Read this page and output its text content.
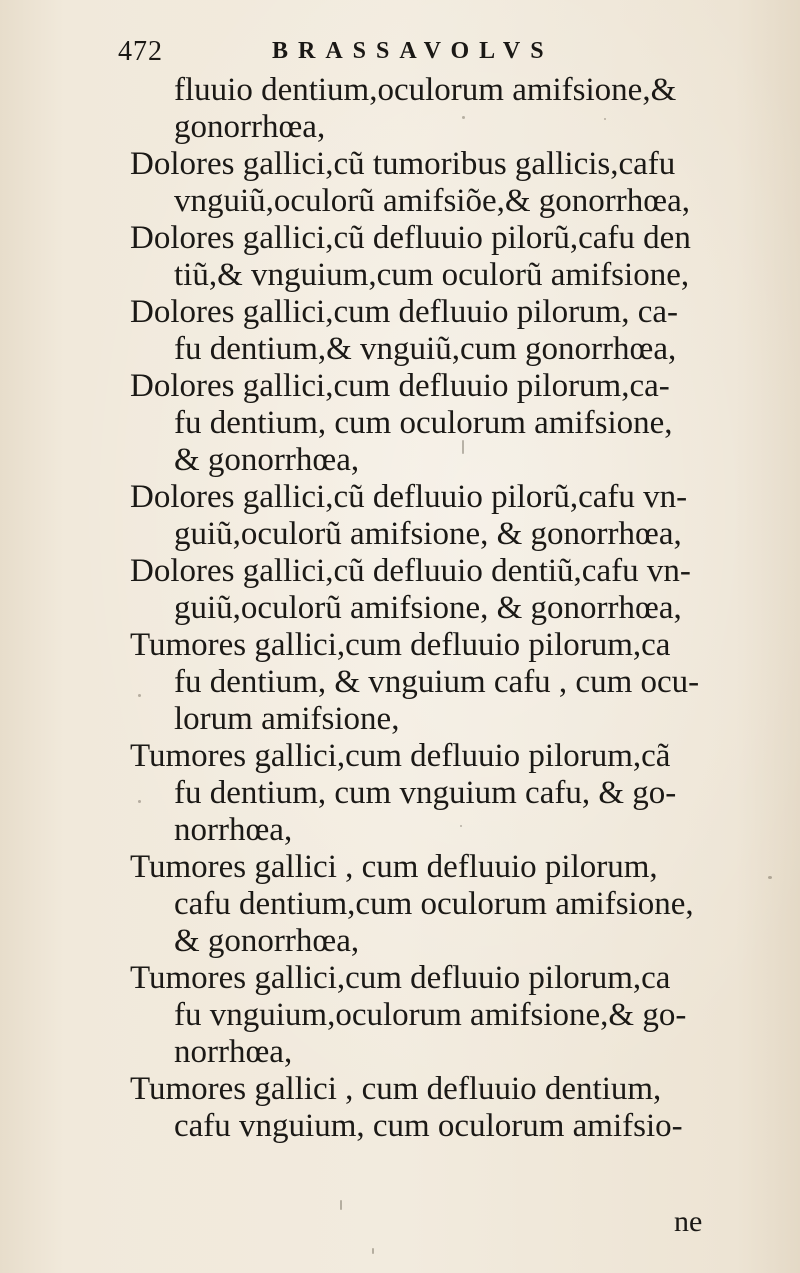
472	BRASSAVOLVS
fluuio dentium,oculorum amifsione,&
gonorrhœa,
Dolores gallici,cũ tumoribus gallicis,cafu
vnguiũ,oculorũ amifsiõe,& gonorrhœa,
Dolores gallici,cũ defluuio pilorũ,cafu den
tiũ,& vnguium,cum oculorũ amifsione,
Dolores gallici,cum defluuio pilorum, ca-
fu dentium,& vnguiũ,cum gonorrhœa,
Dolores gallici,cum defluuio pilorum,ca-
fu dentium, cum oculorum amifsione,
& gonorrhœa,
Dolores gallici,cũ defluuio pilorũ,cafu vn-
guiũ,oculorũ amifsione, & gonorrhœa,
Dolores gallici,cũ defluuio dentiũ,cafu vn-
guiũ,oculorũ amifsione, & gonorrhœa,
Tumores gallici,cum defluuio pilorum,ca
fu dentium, & vnguium cafu , cum ocu-
lorum amifsione,
Tumores gallici,cum defluuio pilorum,cã
fu dentium, cum vnguium cafu, & go-
norrhœa,
Tumores gallici , cum defluuio pilorum,
cafu dentium,cum oculorum amifsione,
& gonorrhœa,
Tumores gallici,cum defluuio pilorum,ca
fu vnguium,oculorum amifsione,& go-
norrhœa,
Tumores gallici , cum defluuio dentium,
cafu vnguium, cum oculorum amifsio-
ne
